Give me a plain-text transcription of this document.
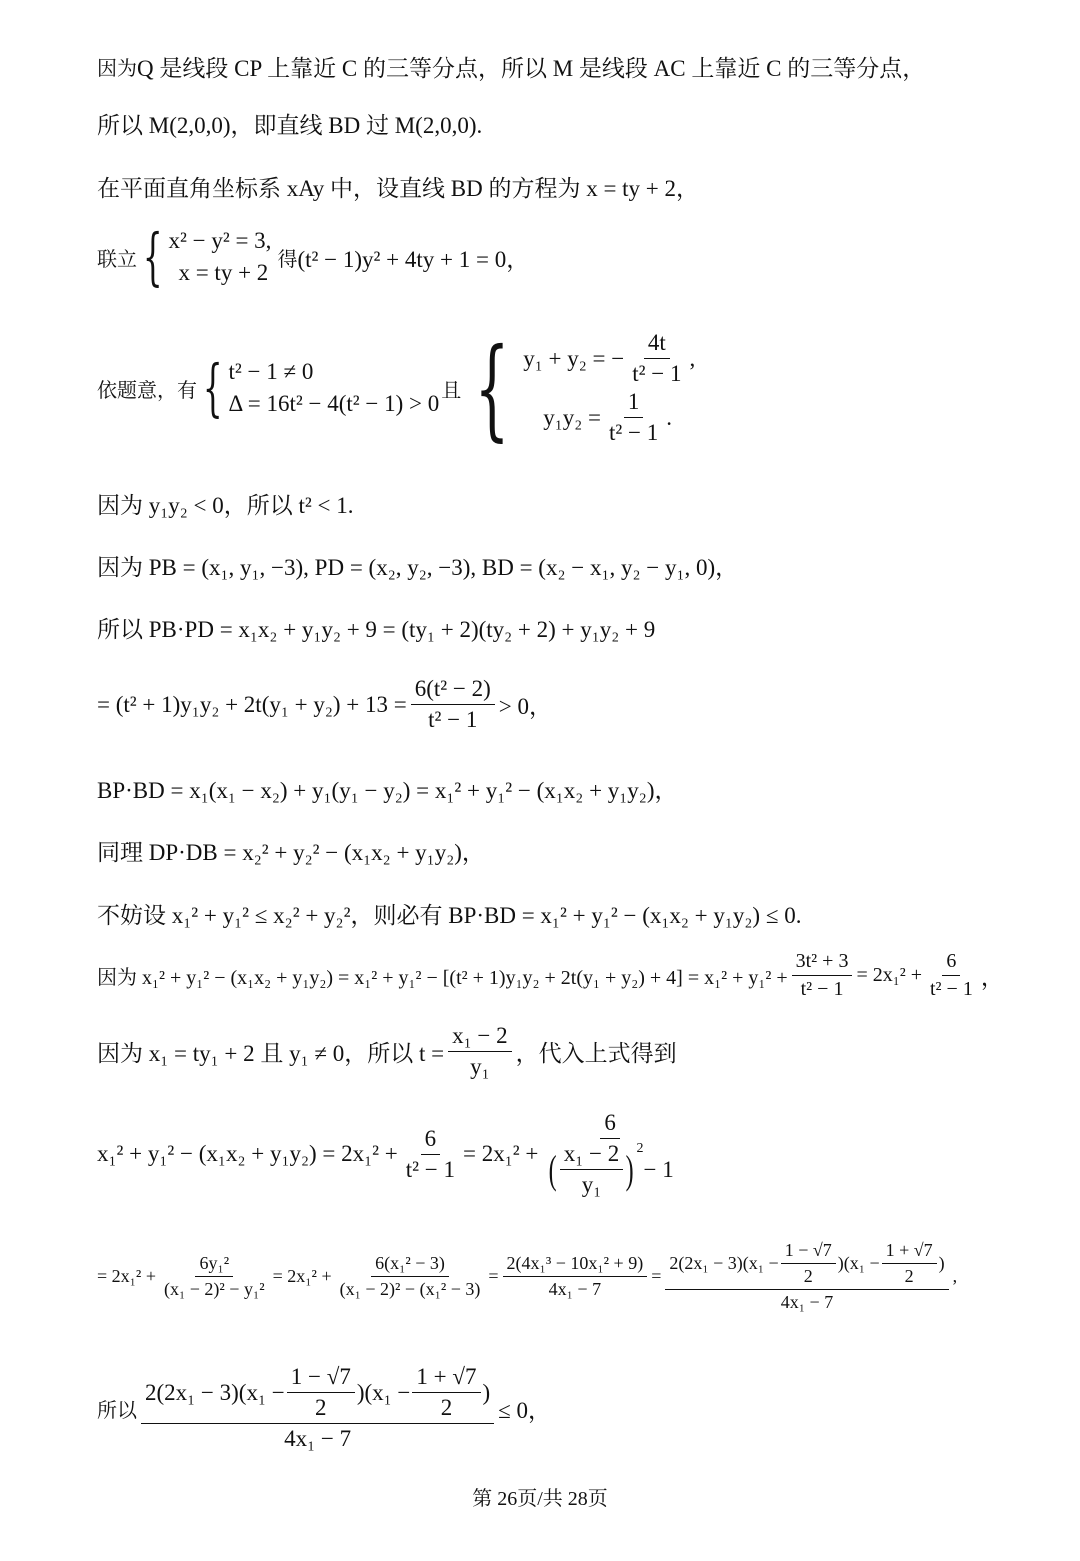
因为 Q 是线段 CP 上靠近 C 的三等分点，所以 M 是线段 AC 上靠近 C 的三等分点，
所以 M(2,0,0)，即直线 BD 过 M(2,0,0).
在平面直角坐标系 xAy 中，设直线 BD 的方程为 x = ty + 2，
联立 { x² − y² = 3,
x = ty + 2
得 (t² − 1)y² + 4ty + 1 = 0，
依题意，有 { t² − 1 ≠ 0
Δ = 16t² − 4(t² − 1) > 0
且 { y₁ + y₂ = − $\frac{4t}{\text{t² − 1}}$ ,
$y_1y_2 = \frac{1}{\text{t² − 1}}$ .
因为 y₁y₂ < 0，所以 t² < 1.
因为 PB = (x₁, y₁, −3), PD = (x₂, y₂, −3), BD = (x₂ − x₁, y₂ − y₁, 0)，
所以 PB·PD = x₁x₂ + y₁y₂ + 9 = (ty₁ + 2)(ty₂ + 2) + y₁y₂ + 9
= $(t^2 + 1)y_1y_2 + 2t(y_1 + y_2) + 13 = \frac{\text{6(t² − 2)}}{\text{t² − 1}} > 0$，
BP·BD = x₁(x₁ − x₂) + y₁(y₁ − y₂) = x₁² + y₁² − (x₁x₂ + y₁y₂)，
同理 DP·DB = x₂² + y₂² − (x₁x₂ + y₁y₂)，
不妨设 x₁² + y₁² ≤ x₂² + y₂²，则必有 BP·BD = x₁² + y₁² − (x₁x₂ + y₁y₂) ≤ 0.
因为 $x_1^2 + y_1^2 - (x_1x_2 + y_1y_2) = x_1^2 + y_1^2 - [(t^2 + 1)y_1y_2 + 2t(y_1 + y_2) + 4] = x_1^2 + y_1^2 + \frac{\text{3t² + 3}}{\text{t² − 1}} = 2x_1^2 + \frac{6}{\text{t² − 1}}$ ，
因为 x₁ = ty₁ + 2 且 y₁ ≠ 0，所以 $t = \frac{\text{x₁ − 2}}{\text{y₁}}$ ，代入上式得到
$x_1^2 + y_1^2 - (x_1x_2 + y_1y_2) = 2x_1^2 + \frac{6}{\text{t² − 1}} = 2x_1^2 + 6$
( $\frac{\text{x₁ − 2}}{\text{y₁}} )^2$
− 1
= $2x_1^2 + \frac{\text{6y₁²}}{\text{(x₁ − 2)² − y₁²}} = 2x_1^2 + \frac{\text{6(x₁² − 3)}}{\text{(x₁ − 2)² − (x₁² − 3)}} = \frac{\text{2(4x₁³ − 10x₁² + 9)}}{\text{4x₁ − 7}}$ =
$2(2x_1 - 3)(x_1 - \frac{1 - √7}{2} )(x_1 - \frac{1 + √7}{2}$ )
4x₁ − 7
,
所以
$2(2x_1 - 3)(x_1 - \frac{1 - √7}{2} )(x_1 - \frac{1 + √7}{2}$ )
4x₁ − 7
≤ 0，
第 26页/共 28页
